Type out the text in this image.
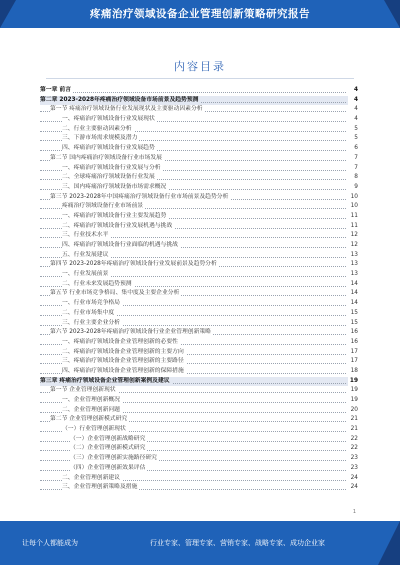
疼痛治疗领域设备企业管理创新策略研究报告
内容目录
第一章 前言	4
第二章 2023-2028年疼痛治疗领域设备市场前景及趋势预测	4
第一节 疼痛治疗领域设备行业发展现状及主要驱动因素分析	4
一、疼痛治疗领域设备行业发展现状	4
二、行业主要驱动因素分析	5
三、下游市场需求规模及潜力	5
四、疼痛治疗领域设备行业发展趋势	6
第二节 国内疼痛治疗领域设备行业市场发展	7
一、疼痛治疗领域设备行业发展与分析	7
二、全球疼痛治疗领域设备行业发展	8
三、国内疼痛治疗领域设备市场需求概况	9
第三节 2023-2028年中国疼痛治疗领域设备行业市场前景及趋势分析	10
疼痛治疗领域设备行业市场前景	10
一、疼痛治疗领域设备行业主要发展趋势	11
二、疼痛治疗领域设备行业发展机遇与挑战	11
三、行业技术水平	12
四、疼痛治疗领域设备行业面临的机遇与挑战	12
五、行业发展建议	13
第四节 2023-2028年疼痛治疗领域设备行业发展前景及趋势分析	13
一、行业发展前景	13
二、行业未来发展趋势预测	14
第五节 行业市场竞争格局、集中度及主要企业分析	14
一、行业市场竞争格局	14
二、行业市场集中度	15
三、行业主要企业分析	15
第六节 2023-2028年疼痛治疗领域设备行业企业管理创新策略	16
一、疼痛治疗领域设备企业管理创新的必要性	16
二、疼痛治疗领域设备企业管理创新的主要方向	17
三、疼痛治疗领域设备企业管理创新的主要路径	17
四、疼痛治疗领域设备企业管理创新的保障措施	18
第三章 疼痛治疗领域设备企业管理创新案例及建议	19
第一节 企业管理创新现状	19
一、企业管理创新概况	19
二、企业管理创新问题	20
第二节 企业管理创新模式研究	21
（一）行业管理创新现状	21
（一）企业管理创新战略研究	22
（二）企业管理创新模式研究	22
（三）企业管理创新实施路径研究	23
（四）企业管理创新效果评估	23
二、企业管理创新建议	24
三、企业管理创新策略及措施	24
1
让每个人都能成为	行业专家、管理专家、营销专家、战略专家、成功企业家
